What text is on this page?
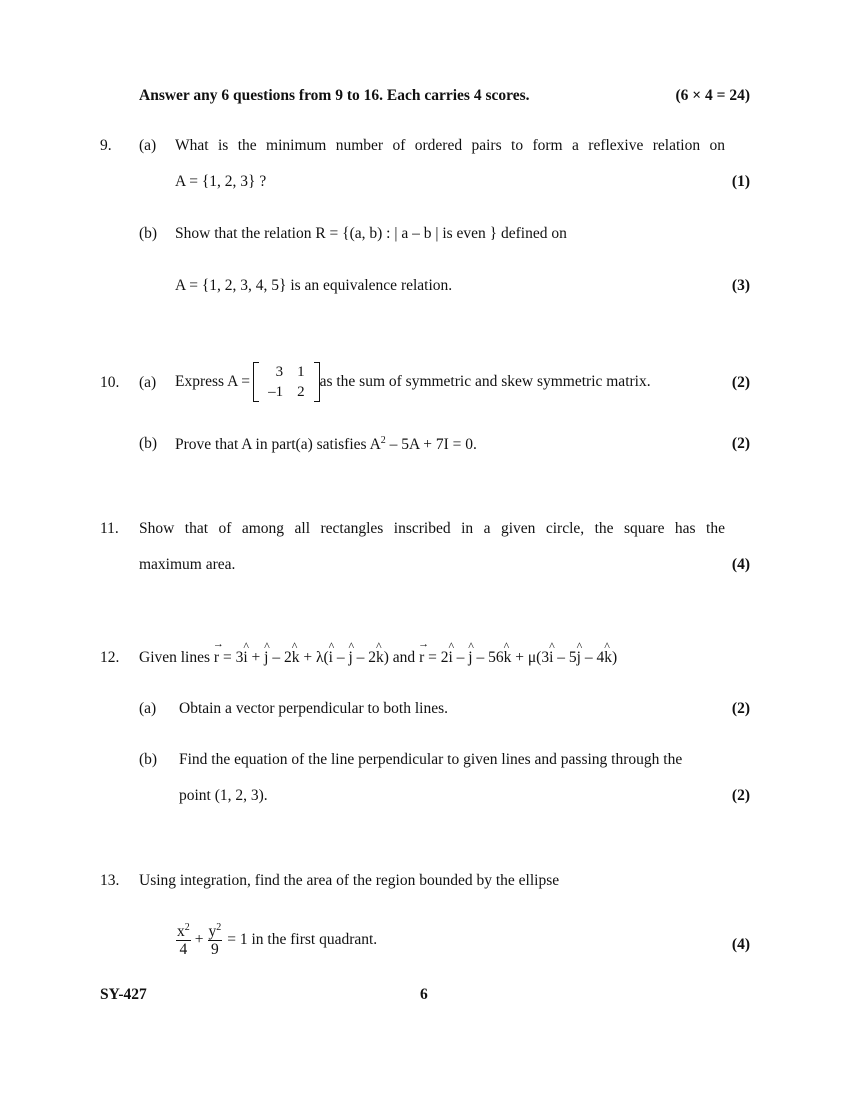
Answer any 6 questions from 9 to 16. Each carries 4 scores.	(6 × 4 = 24)
9. (a) What is the minimum number of ordered pairs to form a reflexive relation on
A = {1, 2, 3} ?	(1)
(b) Show that the relation R = {(a, b) : | a – b | is even } defined on
A = {1, 2, 3, 4, 5} is an equivalence relation.	(3)
10. (a) Express A =
3	1
–1	2
as the sum of symmetric and skew symmetric matrix.	(2)
(b) Prove that A in part(a) satisfies $A^2 - 5A + 7I = 0$.	(2)
11. Show that of among all rectangles inscribed in a given circle, the square has the
maximum area.	(4)
12. Given lines → r = 3^ i + ^ j – 2^ k + λ(^ i – ^ j – 2^ k) and → r = 2^ i – ^ j – 56^ k + μ(3^ i – 5^ j – 4^ k)
(a) Obtain a vector perpendicular to both lines.	(2)
(b) Find the equation of the line perpendicular to given lines and passing through the
point (1, 2, 3).	(2)
13. Using integration, find the area of the region bounded by the ellipse
$\frac{x^2}{4} + \frac{y^2}{9} = 1$ in the first quadrant.	(4)
SY-427	6
